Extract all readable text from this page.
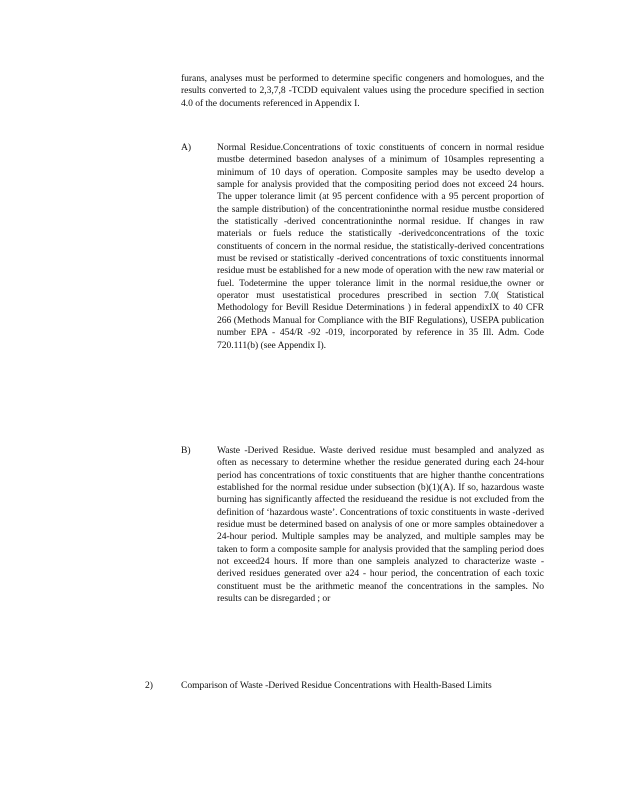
furans, analyses must be performed to determine specific congeners and homologues, and the results converted to 2,3,7,8 -TCDD equivalent values using the procedure specified in section 4.0 of the documents referenced in Appendix I.
A)	Normal Residue.Concentrations of toxic constituents of concern in normal residue mustbe determined basedon analyses of a minimum of 10samples representing a minimum of 10 days of operation. Composite samples may be usedto develop a sample for analysis provided that the compositing period does not exceed 24 hours. The upper tolerance limit (at 95 percent confidence with a 95 percent proportion of the sample distribution) of the concentrationinthe normal residue mustbe considered the statistically -derived concentrationinthe normal residue. If changes in raw materials or fuels reduce the statistically -derivedconcentrations of the toxic constituents of concern in the normal residue, the statistically-derived concentrations must be revised or statistically -derived concentrations of toxic constituents innormal residue must be established for a new mode of operation with the new raw material or fuel. Todetermine the upper tolerance limit in the normal residue,the owner or operator must usestatistical procedures prescribed in section 7.0( Statistical Methodology for Bevill Residue Determinations ) in federal appendixIX to 40 CFR 266 (Methods Manual for Compliance with the BIF Regulations), USEPA publication number EPA - 454/R -92 -019, incorporated by reference in 35 Ill. Adm. Code 720.111(b) (see Appendix I).
B)	Waste -Derived Residue. Waste derived residue must besampled and analyzed as often as necessary to determine whether the residue generated during each 24-hour period has concentrations of toxic constituents that are higher thanthe concentrations established for the normal residue under subsection (b)(1)(A). If so, hazardous waste burning has significantly affected the residueand the residue is not excluded from the definition of ‘hazardous waste’. Concentrations of toxic constituents in waste -derived residue must be determined based on analysis of one or more samples obtainedover a 24-hour period. Multiple samples may be analyzed, and multiple samples may be taken to form a composite sample for analysis provided that the sampling period does not exceed24 hours. If more than one sampleis analyzed to characterize waste -derived residues generated over a24 - hour period, the concentration of each toxic constituent must be the arithmetic meanof the concentrations in the samples. No results can be disregarded ; or
2)	Comparison of Waste -Derived Residue Concentrations with Health-Based Limits
